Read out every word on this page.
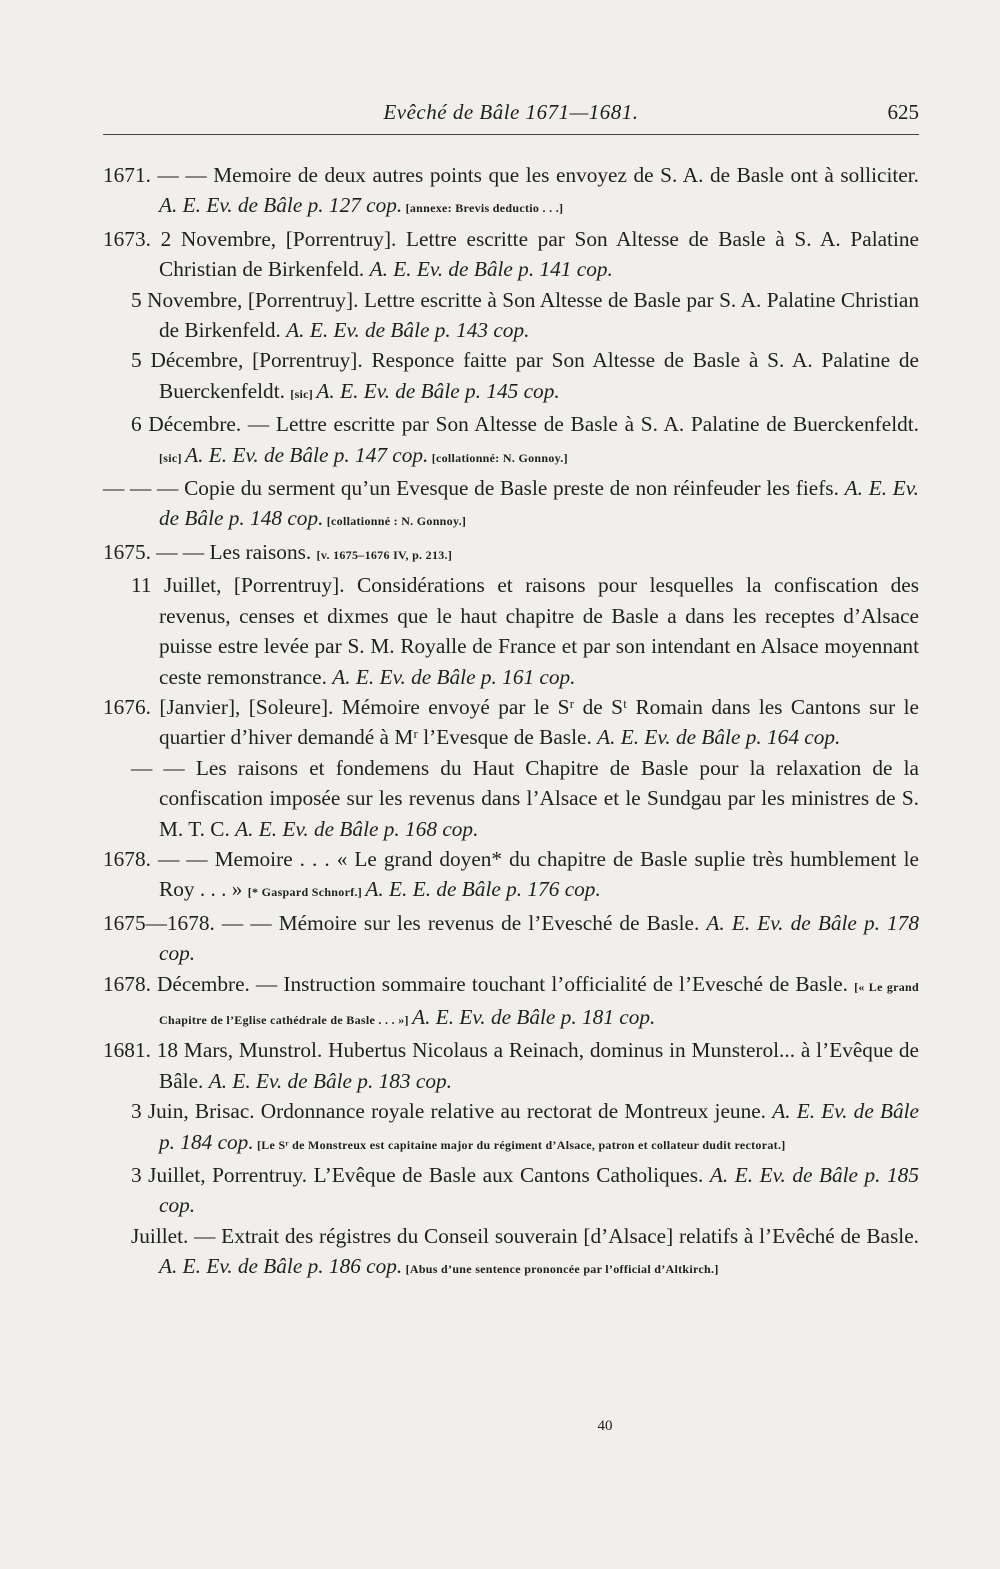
Evêché de Bâle 1671—1681.	625

1671. — — Memoire de deux autres points que les envoyez de S. A. de Basle ont à solliciter. A. E. Ev. de Bâle p. 127 cop. [annexe: Brevis deductio . . .]

1673. 2 Novembre, [Porrentruy]. Lettre escritte par Son Altesse de Basle à S. A. Palatine Christian de Birkenfeld. A. E. Ev. de Bâle p. 141 cop.

5 Novembre, [Porrentruy]. Lettre escritte à Son Altesse de Basle par S. A. Palatine Christian de Birkenfeld. A. E. Ev. de Bâle p. 143 cop.

5 Décembre, [Porrentruy]. Responce faitte par Son Altesse de Basle à S. A. Palatine de Buerckenfeldt. [sic] A. E. Ev. de Bâle p. 145 cop.

6 Décembre. — Lettre escritte par Son Altesse de Basle à S. A. Palatine de Buerckenfeldt. [sic] A. E. Ev. de Bâle p. 147 cop. [collationné: N. Gonnoy.]

— — — Copie du serment qu’un Evesque de Basle preste de non réinfeuder les fiefs. A. E. Ev. de Bâle p. 148 cop. [collationné : N. Gonnoy.]

1675. — — Les raisons. [v. 1675–1676 IV, p. 213.]

11 Juillet, [Porrentruy]. Considérations et raisons pour lesquelles la confiscation des revenus, censes et dixmes que le haut chapitre de Basle a dans les receptes d’Alsace puisse estre levée par S. M. Royalle de France et par son intendant en Alsace moyennant ceste remonstrance. A. E. Ev. de Bâle p. 161 cop.

1676. [Janvier], [Soleure]. Mémoire envoyé par le Sʳ de Sᵗ Romain dans les Cantons sur le quartier d’hiver demandé à Mʳ l’Evesque de Basle. A. E. Ev. de Bâle p. 164 cop.

— — Les raisons et fondemens du Haut Chapitre de Basle pour la relaxation de la confiscation imposée sur les revenus dans l’Alsace et le Sundgau par les ministres de S. M. T. C. A. E. Ev. de Bâle p. 168 cop.

1678. — — Memoire . . . « Le grand doyen* du chapitre de Basle suplie très humblement le Roy . . . » [* Gaspard Schnorf.] A. E. E. de Bâle p. 176 cop.

1675—1678. — — Mémoire sur les revenus de l’Evesché de Basle. A. E. Ev. de Bâle p. 178 cop.

1678. Décembre. — Instruction sommaire touchant l’officialité de l’Evesché de Basle. [« Le grand Chapitre de l’Eglise cathédrale de Basle . . . »] A. E. Ev. de Bâle p. 181 cop.

1681. 18 Mars, Munstrol. Hubertus Nicolaus a Reinach, dominus in Munsterol... à l’Evêque de Bâle. A. E. Ev. de Bâle p. 183 cop.

3 Juin, Brisac. Ordonnance royale relative au rectorat de Montreux jeune. A. E. Ev. de Bâle p. 184 cop. [Le Sʳ de Monstreux est capitaine major du régiment d’Alsace, patron et collateur dudit rectorat.]

3 Juillet, Porrentruy. L’Evêque de Basle aux Cantons Catholiques. A. E. Ev. de Bâle p. 185 cop.

Juillet. — Extrait des régistres du Conseil souverain [d’Alsace] relatifs à l’Evêché de Basle. A. E. Ev. de Bâle p. 186 cop. [Abus d’une sentence prononcée par l’official d’Altkirch.]

40
